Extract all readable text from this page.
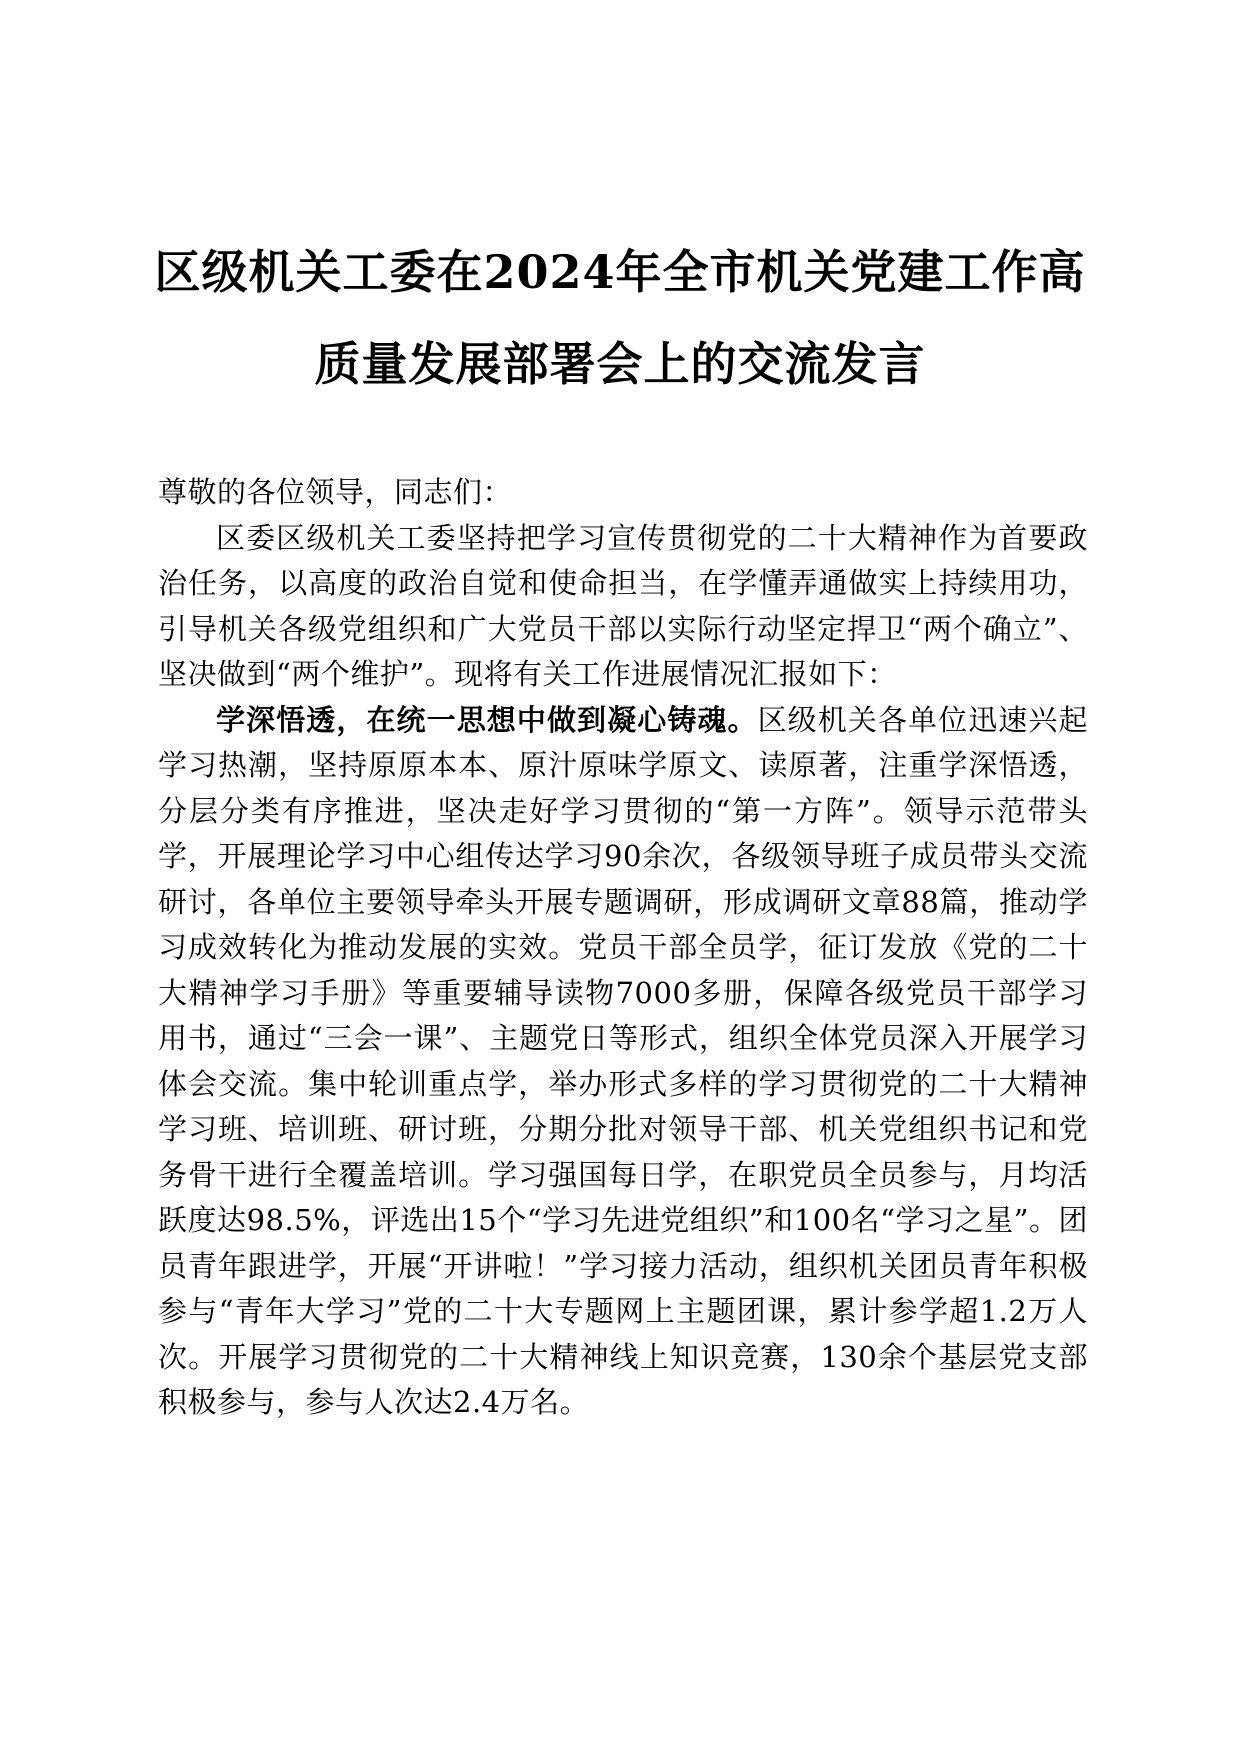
区级机关工委在2024年全市机关党建工作高
质量发展部署会上的交流发言

尊敬的各位领导，同志们：

区委区级机关工委坚持把学习宣传贯彻党的二十大精神作为首要政治任务，以高度的政治自觉和使命担当，在学懂弄通做实上持续用功，引导机关各级党组织和广大党员干部以实际行动坚定捍卫“两个确立”、坚决做到“两个维护”。现将有关工作进展情况汇报如下：

学深悟透，在统一思想中做到凝心铸魂。区级机关各单位迅速兴起学习热潮，坚持原原本本、原汁原味学原文、读原著，注重学深悟透，分层分类有序推进，坚决走好学习贯彻的“第一方阵”。领导示范带头学，开展理论学习中心组传达学习90余次，各级领导班子成员带头交流研讨，各单位主要领导牵头开展专题调研，形成调研文章88篇，推动学习成效转化为推动发展的实效。党员干部全员学，征订发放《党的二十大精神学习手册》等重要辅导读物7000多册，保障各级党员干部学习用书，通过“三会一课”、主题党日等形式，组织全体党员深入开展学习体会交流。集中轮训重点学，举办形式多样的学习贯彻党的二十大精神学习班、培训班、研讨班，分期分批对领导干部、机关党组织书记和党务骨干进行全覆盖培训。学习强国每日学，在职党员全员参与，月均活跃度达98.5%，评选出15个“学习先进党组织”和100名“学习之星”。团员青年跟进学，开展“开讲啦！”学习接力活动，组织机关团员青年积极参与“青年大学习”党的二十大专题网上主题团课，累计参学超1.2万人次。开展学习贯彻党的二十大精神线上知识竞赛，130余个基层党支部积极参与，参与人次达2.4万名。
